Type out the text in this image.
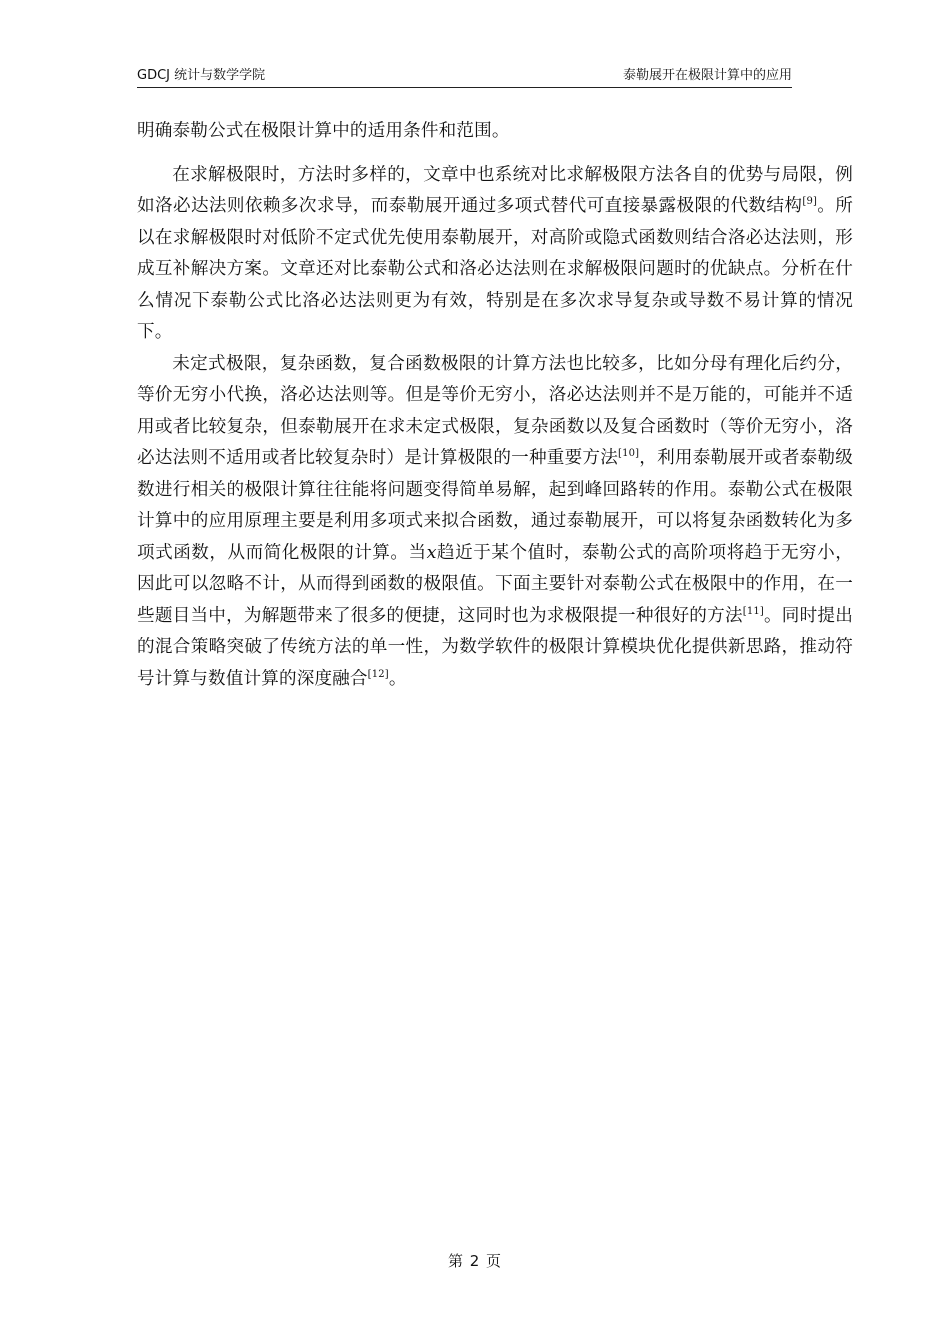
GDCJ 统计与数学学院	泰勒展开在极限计算中的应用

明确泰勒公式在极限计算中的适用条件和范围。

在求解极限时，方法时多样的，文章中也系统对比求解极限方法各自的优势与局限，例如洛必达法则依赖多次求导，而泰勒展开通过多项式替代可直接暴露极限的代数结构[9]。所以在求解极限时对低阶不定式优先使用泰勒展开，对高阶或隐式函数则结合洛必达法则，形成互补解决方案。文章还对比泰勒公式和洛必达法则在求解极限问题时的优缺点。分析在什么情况下泰勒公式比洛必达法则更为有效，特别是在多次求导复杂或导数不易计算的情况下。

未定式极限，复杂函数，复合函数极限的计算方法也比较多，比如分母有理化后约分，等价无穷小代换，洛必达法则等。但是等价无穷小，洛必达法则并不是万能的，可能并不适用或者比较复杂，但泰勒展开在求未定式极限，复杂函数以及复合函数时（等价无穷小，洛必达法则不适用或者比较复杂时）是计算极限的一种重要方法[10]，利用泰勒展开或者泰勒级数进行相关的极限计算往往能将问题变得简单易解，起到峰回路转的作用。泰勒公式在极限计算中的应用原理主要是利用多项式来拟合函数，通过泰勒展开，可以将复杂函数转化为多项式函数，从而简化极限的计算。当x趋近于某个值时，泰勒公式的高阶项将趋于无穷小，因此可以忽略不计，从而得到函数的极限值。下面主要针对泰勒公式在极限中的作用，在一些题目当中，为解题带来了很多的便捷，这同时也为求极限提一种很好的方法[11]。同时提出的混合策略突破了传统方法的单一性，为数学软件的极限计算模块优化提供新思路，推动符号计算与数值计算的深度融合[12]。

第 2 页
